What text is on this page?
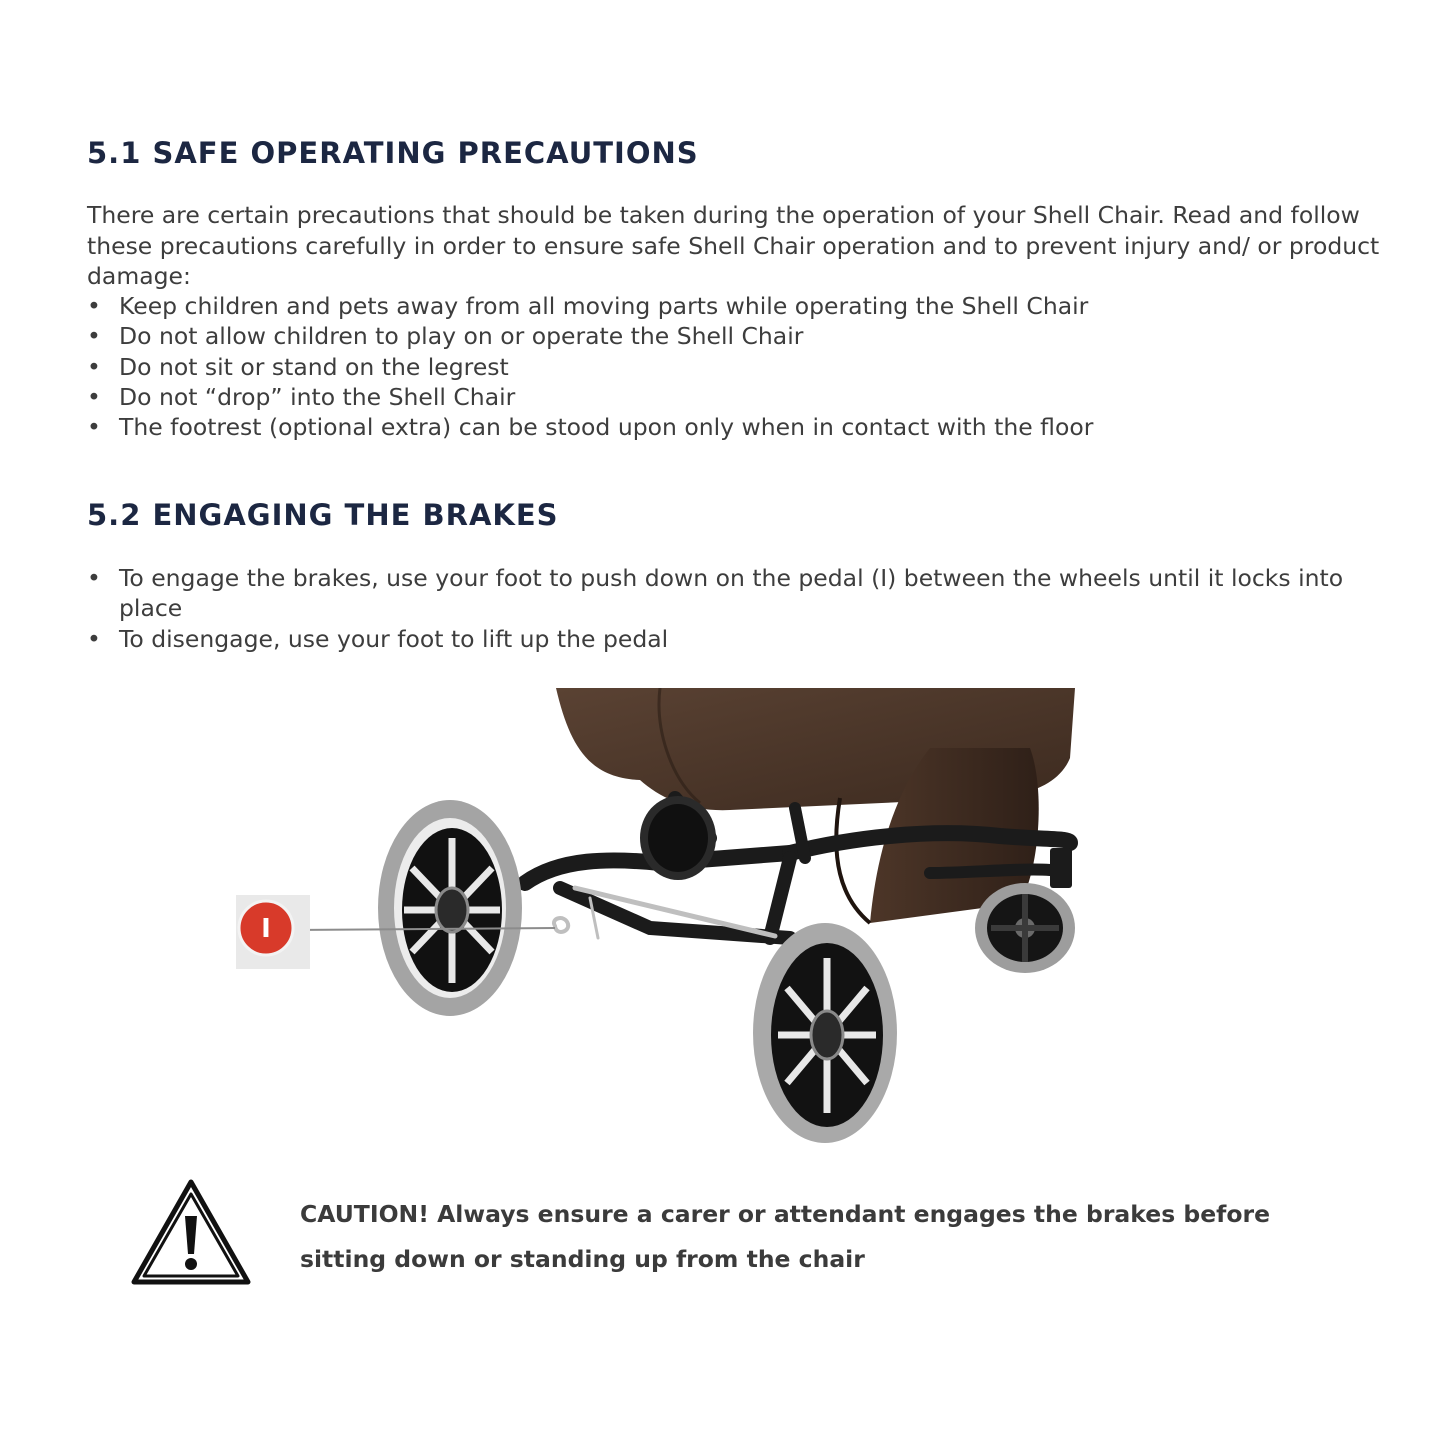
5.1 SAFE OPERATING PRECAUTIONS

There are certain precautions that should be taken during the operation of your Shell Chair. Read and follow these precautions carefully in order to ensure safe Shell Chair operation and to prevent injury and/ or product damage:

• Keep children and pets away from all moving parts while operating the Shell Chair
• Do not allow children to play on or operate the Shell Chair
• Do not sit or stand on the legrest
• Do not “drop” into the Shell Chair
• The footrest (optional extra) can be stood upon only when in contact with the floor
5.2 ENGAGING THE BRAKES
• To engage the brakes, use your foot to push down on the pedal (I) between the wheels until it locks into place
• To disengage, use your foot to lift up the pedal
I

CAUTION! Always ensure a carer or attendant engages the brakes before sitting down or standing up from the chair
